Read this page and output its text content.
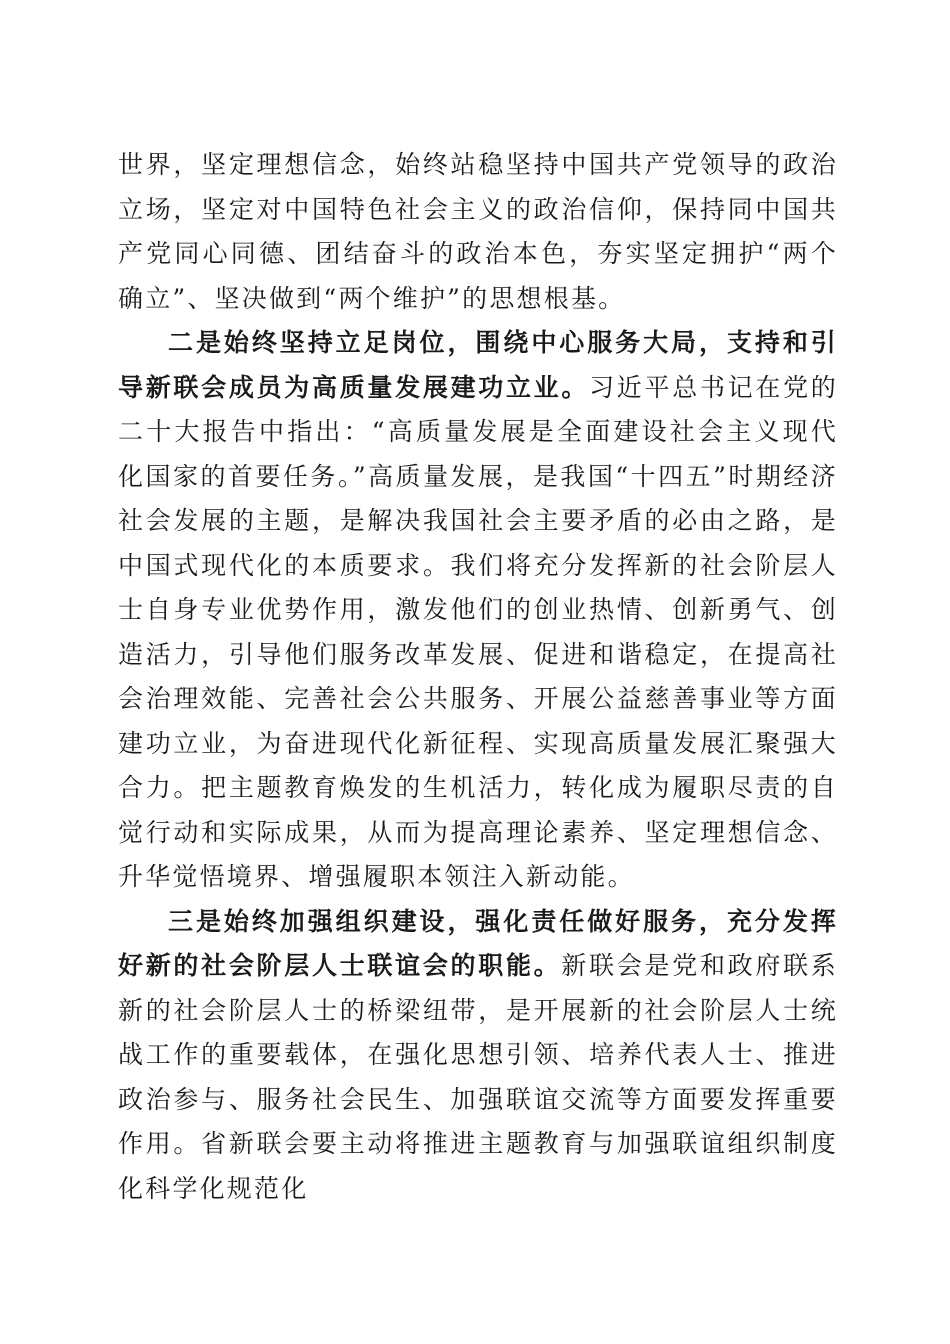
世界，坚定理想信念，始终站稳坚持中国共产党领导的政治立场，坚定对中国特色社会主义的政治信仰，保持同中国共产党同心同德、团结奋斗的政治本色，夯实坚定拥护“两个确立”、坚决做到“两个维护”的思想根基。

二是始终坚持立足岗位，围绕中心服务大局，支持和引导新联会成员为高质量发展建功立业。习近平总书记在党的二十大报告中指出：“高质量发展是全面建设社会主义现代化国家的首要任务。”高质量发展，是我国“十四五”时期经济社会发展的主题，是解决我国社会主要矛盾的必由之路，是中国式现代化的本质要求。我们将充分发挥新的社会阶层人士自身专业优势作用，激发他们的创业热情、创新勇气、创造活力，引导他们服务改革发展、促进和谐稳定，在提高社会治理效能、完善社会公共服务、开展公益慈善事业等方面建功立业，为奋进现代化新征程、实现高质量发展汇聚强大合力。把主题教育焕发的生机活力，转化成为履职尽责的自觉行动和实际成果，从而为提高理论素养、坚定理想信念、升华觉悟境界、增强履职本领注入新动能。

三是始终加强组织建设，强化责任做好服务，充分发挥好新的社会阶层人士联谊会的职能。新联会是党和政府联系新的社会阶层人士的桥梁纽带，是开展新的社会阶层人士统战工作的重要载体，在强化思想引领、培养代表人士、推进政治参与、服务社会民生、加强联谊交流等方面要发挥重要作用。省新联会要主动将推进主题教育与加强联谊组织制度化科学化规范化
